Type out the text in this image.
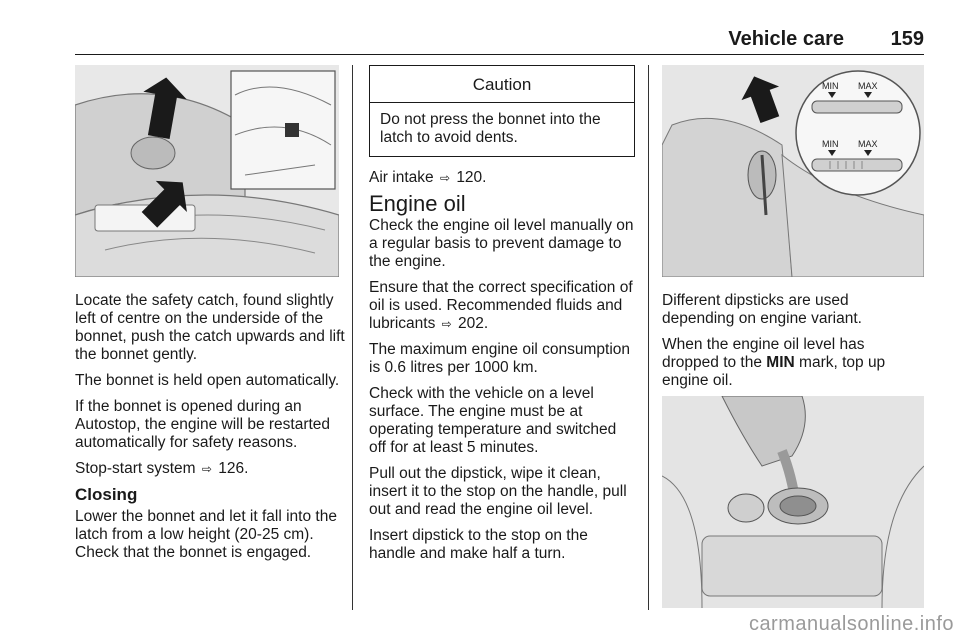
Vehicle care 159

Locate the safety catch, found slightly left of centre on the underside of the bonnet, push the catch upwards and lift the bonnet gently.

The bonnet is held open automatically.

If the bonnet is opened during an Autostop, the engine will be restarted automatically for safety reasons.

Stop-start system ⇨ 126.

Closing

Lower the bonnet and let it fall into the latch from a low height (20-25 cm). Check that the bonnet is engaged.

Caution
Do not press the bonnet into the latch to avoid dents.

Air intake ⇨ 120.

Engine oil

Check the engine oil level manually on a regular basis to prevent damage to the engine.

Ensure that the correct specification of oil is used. Recommended fluids and lubricants ⇨ 202.

The maximum engine oil consumption is 0.6 litres per 1000 km.

Check with the vehicle on a level surface. The engine must be at operating temperature and switched off for at least 5 minutes.

Pull out the dipstick, wipe it clean, insert it to the stop on the handle, pull out and read the engine oil level.

Insert dipstick to the stop on the handle and make half a turn.

MIN MAX
MIN MAX

Different dipsticks are used depending on engine variant.

When the engine oil level has dropped to the MIN mark, top up engine oil.

carmanualsonline.info
